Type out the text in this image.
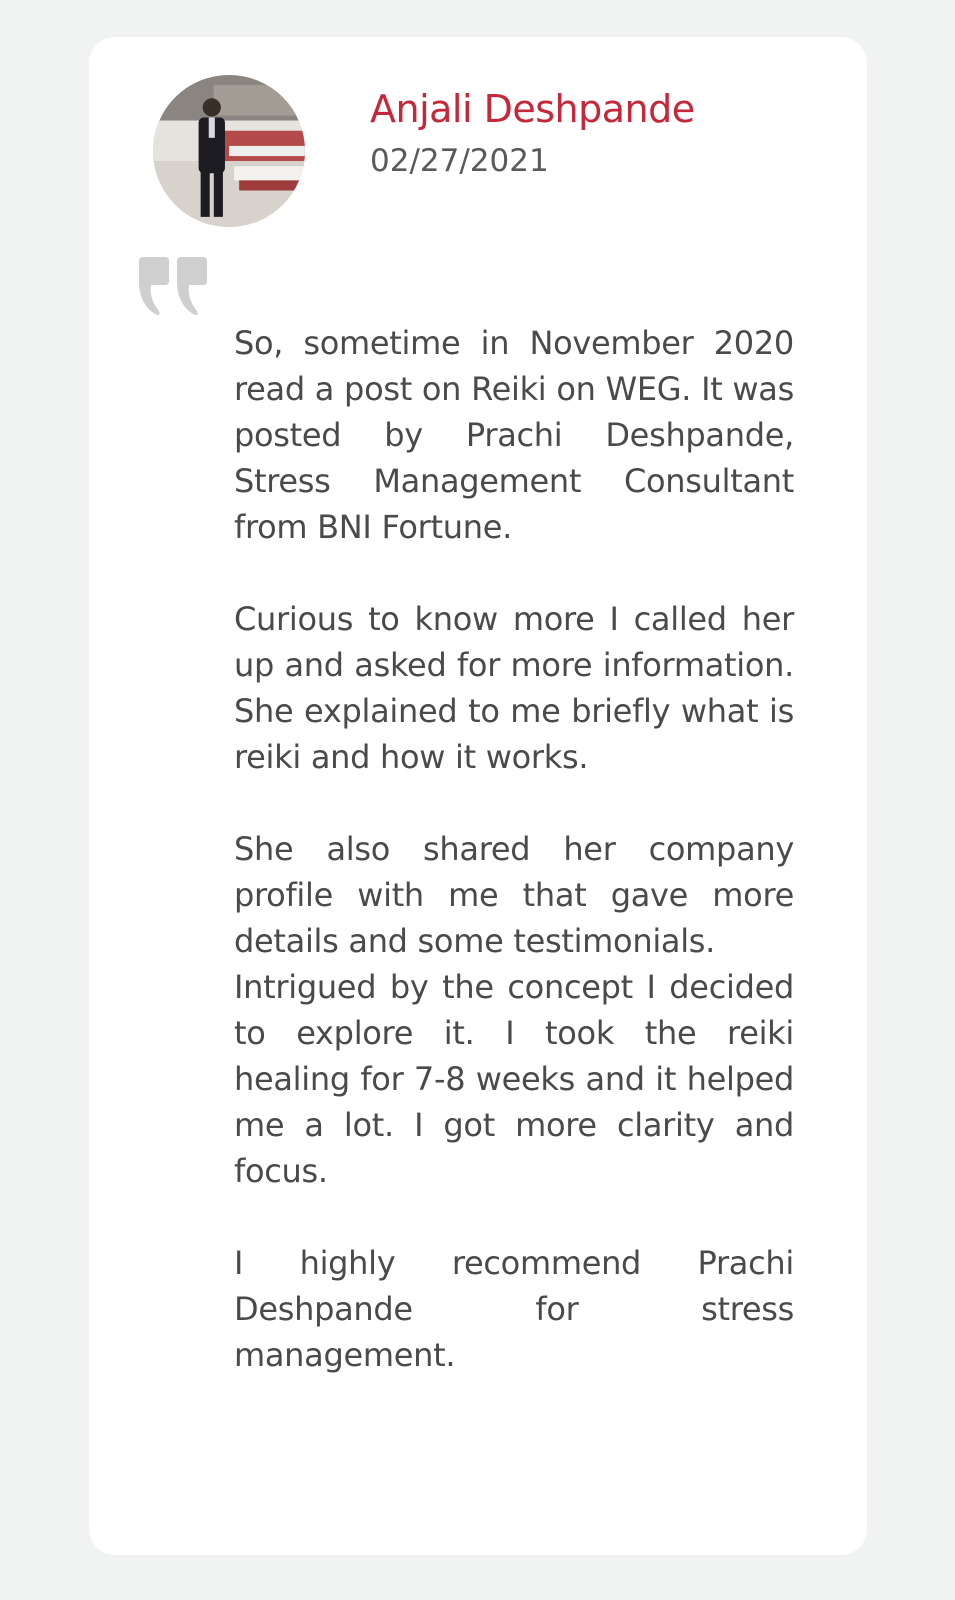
Anjali Deshpande
02/27/2021

So, sometime in November 2020 read a post on Reiki on WEG. It was posted by Prachi Deshpande, Stress Management Consultant from BNI Fortune.

Curious to know more I called her up and asked for more information. She explained to me briefly what is reiki and how it works.

She also shared her company profile with me that gave more details and some testimonials.

Intrigued by the concept I decided to explore it. I took the reiki healing for 7-8 weeks and it helped me a lot. I got more clarity and focus.

I highly recommend Prachi Deshpande for stress management.
